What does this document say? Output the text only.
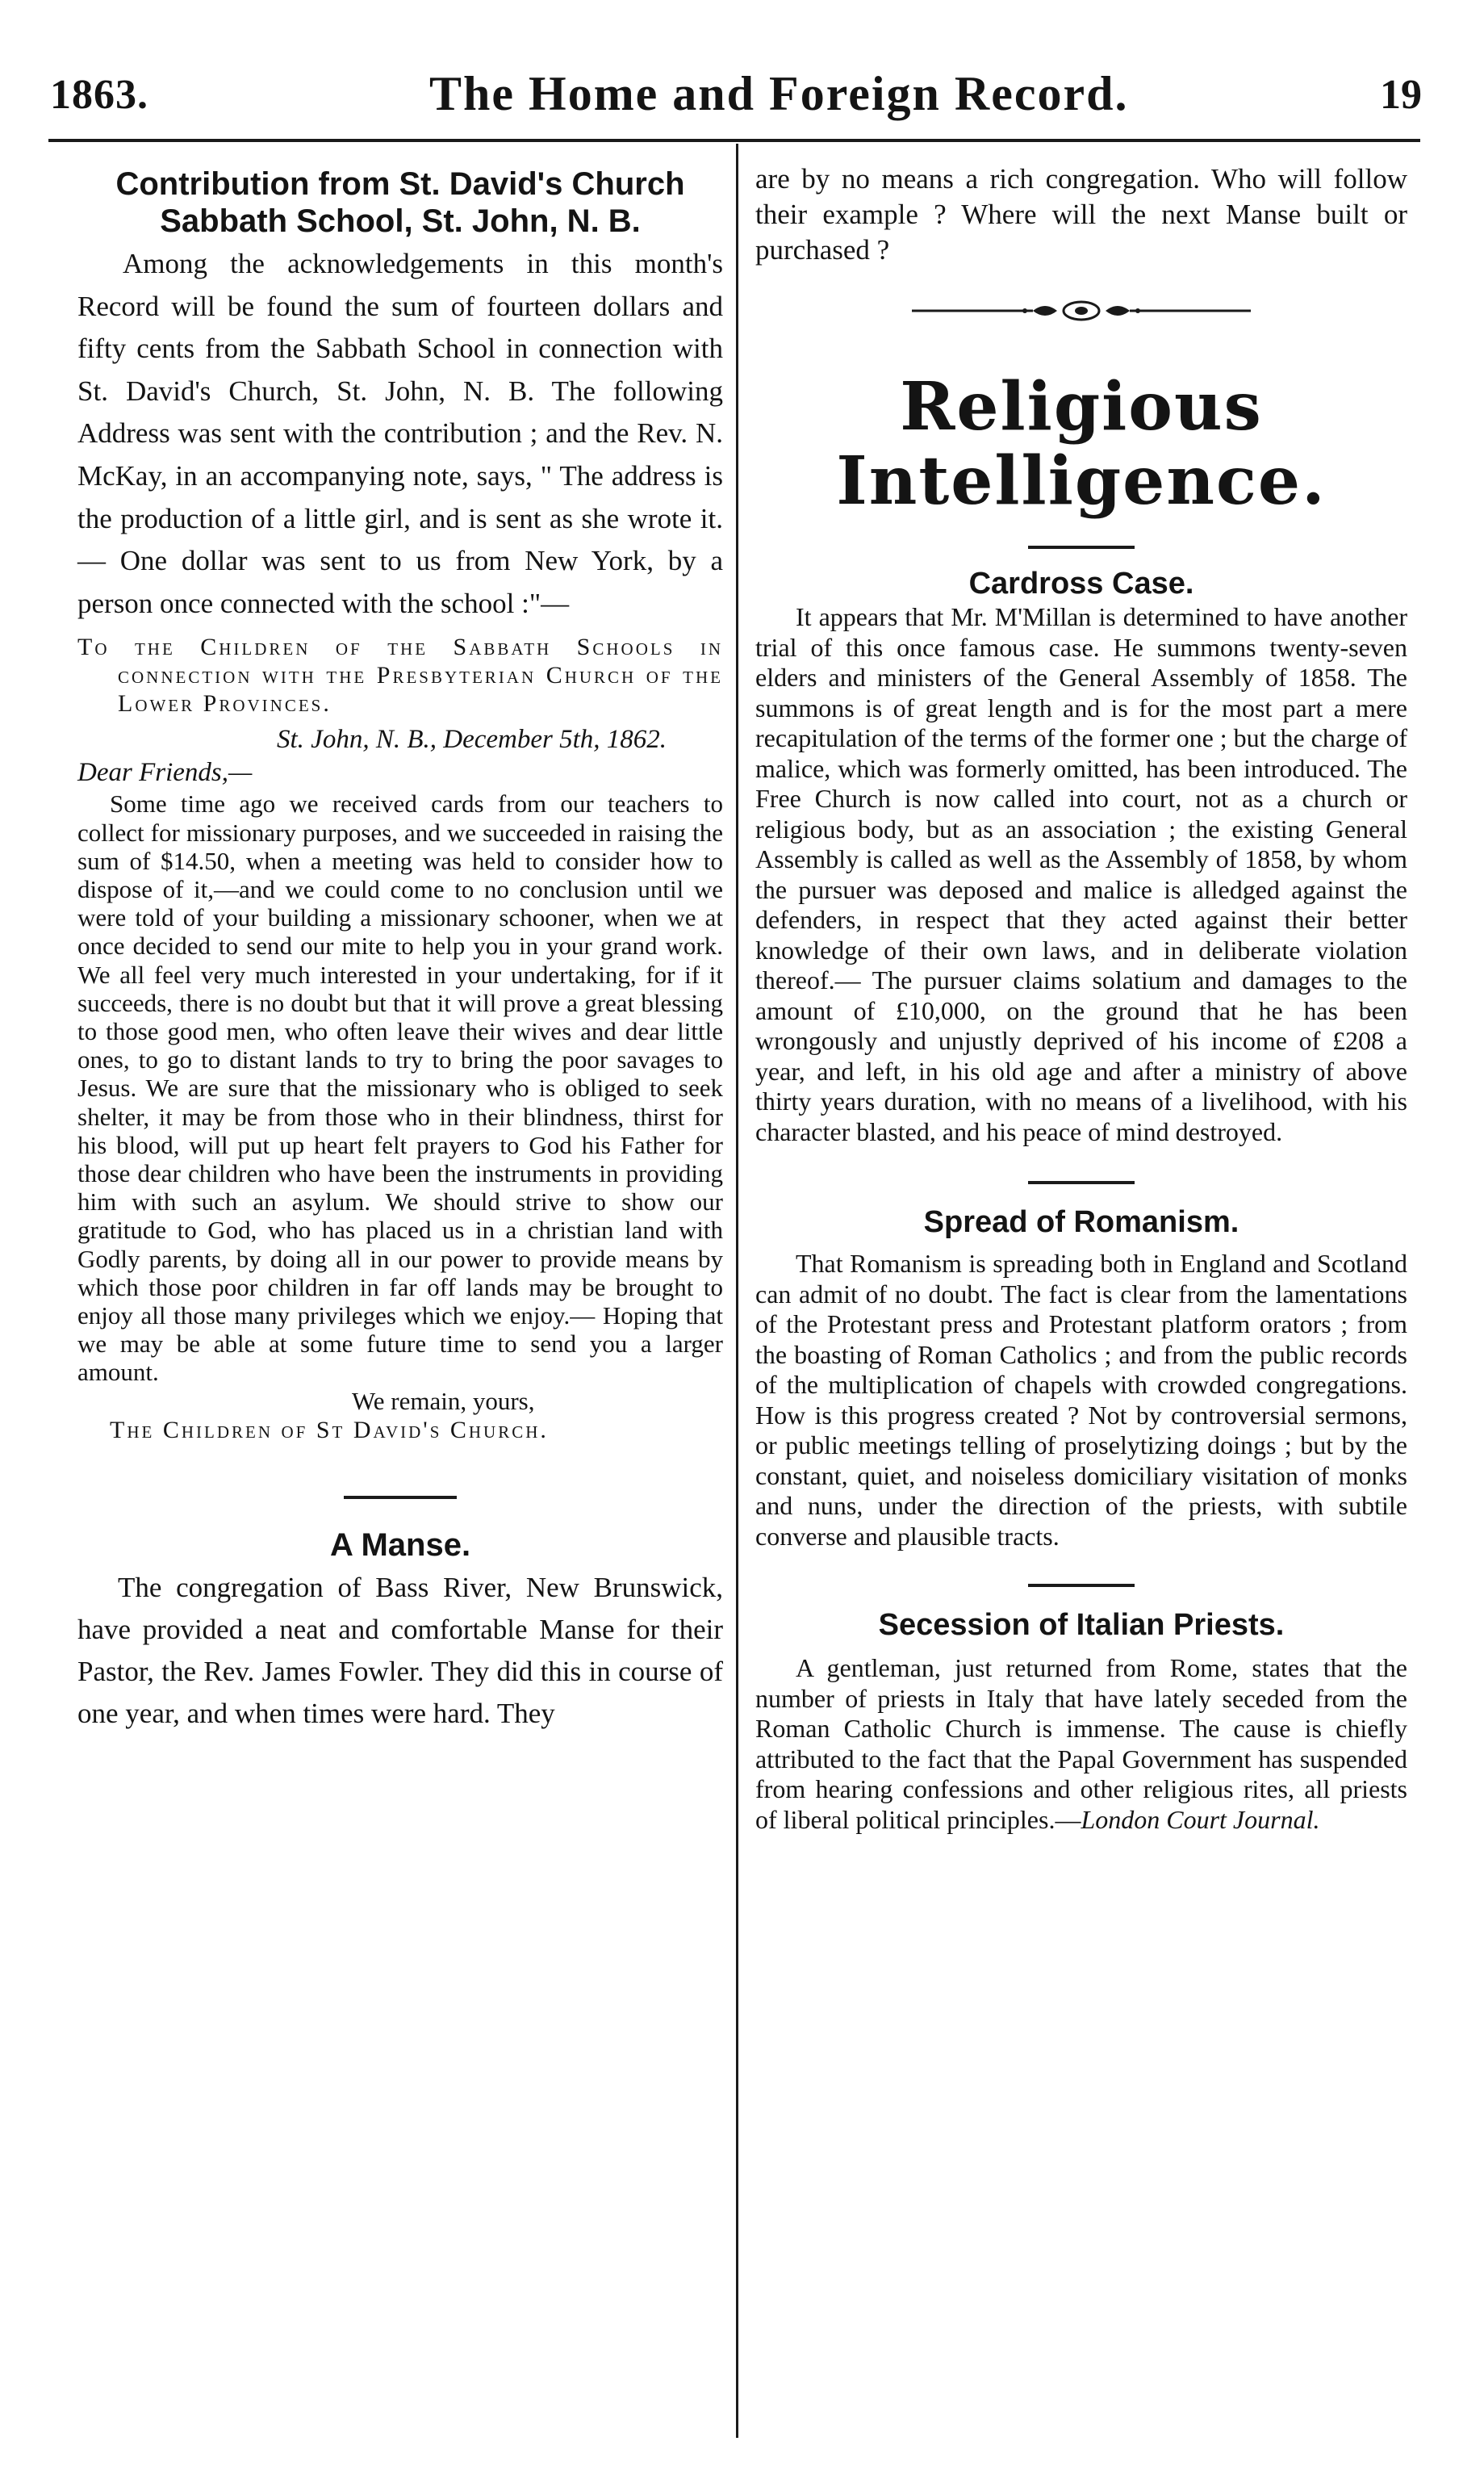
1863.	The Home and Foreign Record.	19
Contribution from St. David's Church Sabbath School, St. John, N. B.

Among the acknowledgements in this month's Record will be found the sum of fourteen dollars and fifty cents from the Sabbath School in connection with St. David's Church, St. John, N. B. The following Address was sent with the contribution ; and the Rev. N. McKay, in an accompanying note, says, " The address is the production of a little girl, and is sent as she wrote it.— One dollar was sent to us from New York, by a person once connected with the school :"—

To the Children of the Sabbath Schools in connection with the Presbyterian Church of the Lower Provinces.

St. John, N. B., December 5th, 1862.

Dear Friends,—

Some time ago we received cards from our teachers to collect for missionary purposes, and we succeeded in raising the sum of $14.50, when a meeting was held to consider how to dispose of it,—and we could come to no conclusion until we were told of your building a missionary schooner, when we at once decided to send our mite to help you in your grand work. We all feel very much interested in your undertaking, for if it succeeds, there is no doubt but that it will prove a great blessing to those good men, who often leave their wives and dear little ones, to go to distant lands to try to bring the poor savages to Jesus. We are sure that the missionary who is obliged to seek shelter, it may be from those who in their blindness, thirst for his blood, will put up heart felt prayers to God his Father for those dear children who have been the instruments in providing him with such an asylum. We should strive to show our gratitude to God, who has placed us in a christian land with Godly parents, by doing all in our power to provide means by which those poor children in far off lands may be brought to enjoy all those many privileges which we enjoy.— Hoping that we may be able at some future time to send you a larger amount.

We remain, yours,

The Children of St David's Church.

A Manse.

The congregation of Bass River, New Brunswick, have provided a neat and comfortable Manse for their Pastor, the Rev. James Fowler. They did this in course of one year, and when times were hard. They

are by no means a rich congregation. Who will follow their example ? Where will the next Manse built or purchased ?

Religious Intelligence.
Cardross Case.

It appears that Mr. M'Millan is determined to have another trial of this once famous case. He summons twenty-seven elders and ministers of the General Assembly of 1858. The summons is of great length and is for the most part a mere recapitulation of the terms of the former one ; but the charge of malice, which was formerly omitted, has been introduced. The Free Church is now called into court, not as a church or religious body, but as an association ; the existing General Assembly is called as well as the Assembly of 1858, by whom the pursuer was deposed and malice is alledged against the defenders, in respect that they acted against their better knowledge of their own laws, and in deliberate violation thereof.— The pursuer claims solatium and damages to the amount of £10,000, on the ground that he has been wrongously and unjustly deprived of his income of £208 a year, and left, in his old age and after a ministry of above thirty years duration, with no means of a livelihood, with his character blasted, and his peace of mind destroyed.

Spread of Romanism.

That Romanism is spreading both in England and Scotland can admit of no doubt. The fact is clear from the lamentations of the Protestant press and Protestant platform orators ; from the boasting of Roman Catholics ; and from the public records of the multiplication of chapels with crowded congregations. How is this progress created ? Not by controversial sermons, or public meetings telling of proselytizing doings ; but by the constant, quiet, and noiseless domiciliary visitation of monks and nuns, under the direction of the priests, with subtile converse and plausible tracts.

Secession of Italian Priests.

A gentleman, just returned from Rome, states that the number of priests in Italy that have lately seceded from the Roman Catholic Church is immense. The cause is chiefly attributed to the fact that the Papal Government has suspended from hearing confessions and other religious rites, all priests of liberal political principles.—London Court Journal.
